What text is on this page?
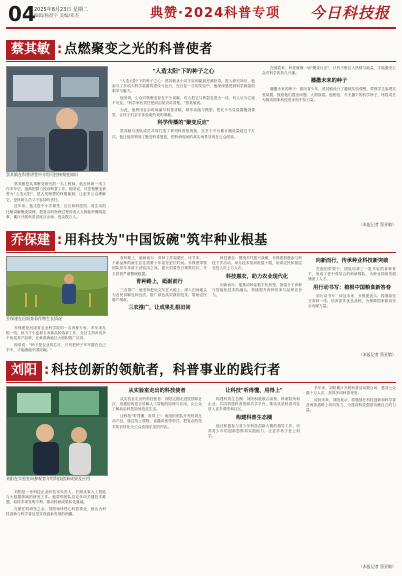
04
2025年8月23日 星期二
编辑/杨晨宇 美编/邓杰	典赞·2024科普专项 今日科技报
蔡其敏 : 点燃聚变之光的科普使者
蔡其敏在科普讲堂中介绍可控核聚变知识

蔡其敏是从事聚变研究的一名工程师，他在科研一线工作多年后，逐渐把精力投向科普工作。他常说，可控核聚变被誉为"人造太阳"，是人类理想的终极能源，让更多公众理解它，是科研人员义不容辞的责任。

近年来，他走进中小学课堂、社区和科技馆，用生动的比喻讲解聚变原理，把复杂的物理过程讲成人人都能听懂的故事，累计开展科普讲座百余场，受众数万人。

"人造太阳"下的种子之心

"人造太阳"下的种子之心：蔡其敏从小对宇宙和能源充满好奇。进入研究所后，他参与了多项大科学装置的建设与运行，在日复一日的实验中，他深深感受到科学探索的艰辛与魅力。

他发现，公众对核聚变存在不少误解，有人把它与核裂变混为一谈，有人认为它遥不可及。"科学家有责任把前沿知识讲清楚。"蔡其敏说。

为此，他利用业余时间编写科普讲稿，制作动画与模型，把托卡马克装置搬进课堂，让孩子们亲手体验磁约束的奥秘。

科学传播的"聚变反应"

蔡其敏与团队成员共同打造了系列科普短视频，在多个平台累计播放量超过千万次。他还组织策划了聚变科普展览，把科研现场的真实场景呈现在公众面前。

在他看来，科普就像一场"聚变反应"，只有不断注入热情与能量，才能激发公众对科学的持久兴趣。

播撒未来的种子

播撒未来的种子：面向青少年，蔡其敏设计了趣味实验课程，带领学生参观实验装置，鼓励他们提出问题、大胆探索。他相信，今天播下的科学种子，终将成长为推动国家科技进步的中坚力量。

（本报记者 蔡亚敏）
乔保建 : 用科技为"中国饭碗"筑牢种业根基
乔保建在田间查看作物生长情况

乔保建是河南省农业科学院的一名育种专家，多年来扎根一线，致力于小麦和玉米新品种选育工作，先后主持育成多个优质高产品种，在黄淮海地区大面积推广应用。

他常说："种子是农业的芯片，只有把种子牢牢握在自己手中，才能端稳中国饭碗。"

育种路上，砥砺前行：育种工作周期长、环节多，一个新品种的诞生往往需要十年甚至更长时间。乔保建带领团队常年奔波于试验田之间，夏天顶着烈日观察性状，冬天冒着严寒整理数据。

育种路上，砥砺前行

三农推广：他坚持把论文写在大地上，深入田间地头为农民讲解良种良法，推广绿色高效栽培技术，帮助农民增产增收。

三农推广，让成果扎根田间

科技惠农：围绕乡村振兴战略，乔保建积极参与科技下乡活动，举办技术培训班数十期，培训农民和基层农技人员上万人次。

科技惠农，助力农业现代化

向新而行：他推动种业数字化转型，探索分子育种与智能化技术的融合，持续提升育种效率与品种竞争力。

向新而行，传承种业科技新突破

在他的带领下，团队培养了一批年轻的育种骨干，形成了老中青结合的科研梯队，为种业持续发展储备了人才。

用行动书写：植根中国粮食新答卷

用行动书写：谈及未来，乔保建表示，将继续坚守育种一线，培育更多优良品种，为保障国家粮食安全贡献力量。

（本报记者 蔡亚敏）
刘阳 : 科技创新的领航者，科普事业的践行者
刘阳在实验室向参观者介绍科技创新成果及应用

刘阳是一家科技企业的技术负责人，长期从事人工智能与大数据领域的研发工作。他带领团队攻克多项关键技术难题，取得多项发明专利，推动科研成果转化落地。

在繁忙的研发之余，刘阳始终热心科普事业，他认为科技创新与科学普及是实现创新发展的两翼。

从实验室走出的科技使者

从实验室走出的科技使者：刘阳定期走进校园和社区，用通俗的语言讲解人工智能的原理与应用，让公众了解前沿科技如何改变生活。

让科技"听得懂、用得上"：他组织团队开发科普互动产品，通过线上课程、直播讲座等形式，把复杂的技术知识转化为公众喜闻乐见的内容。

让科技"听得懂、用得上"

构建科普生态圈：刘阳积极联合高校、科研院所和企业，共同搭建科普资源共享平台，推动优质科普内容进入更多课堂和社区。

构建科普生态圈

他还积极参与青少年科技创新大赛的指导工作，培养青少年的创新思维和实践能力，让更多孩子爱上科学。

多年来，刘阳累计开展科普活动数百场，惠及公众数十万人次，获得多项科普荣誉。

谈到未来，刘阳表示，将继续在科技创新和科学普及两条道路上同向发力，为建设科技强国贡献自己的力量。

（本报记者 蔡亚敏）
